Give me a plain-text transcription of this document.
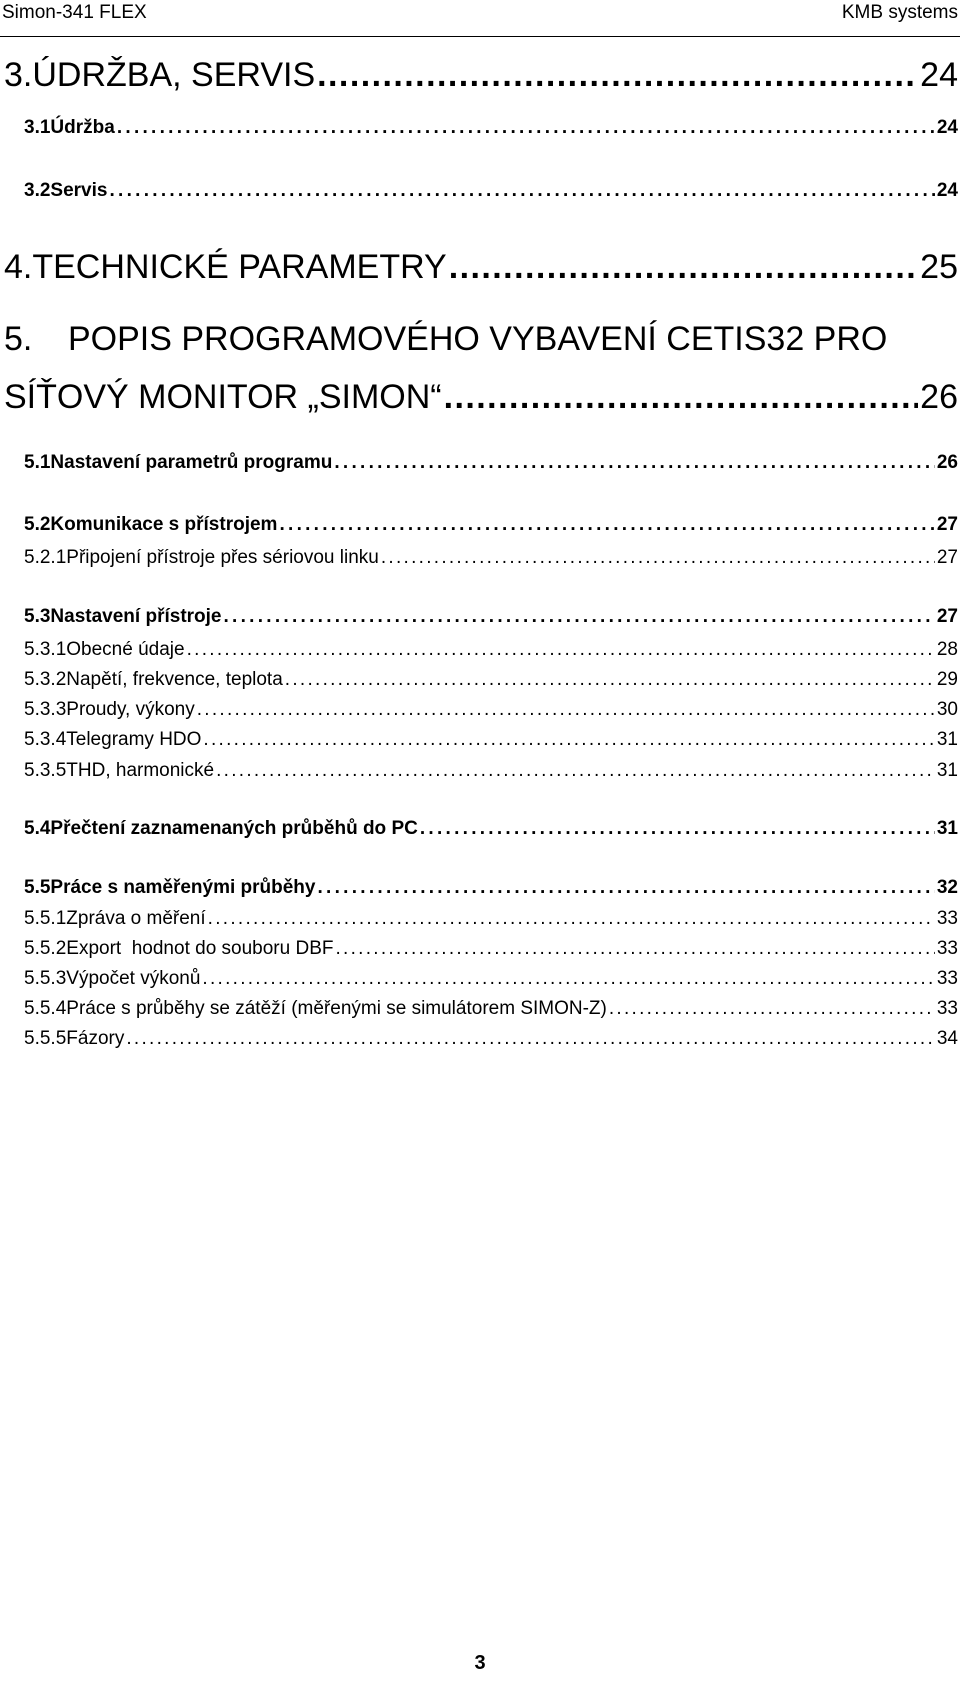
Simon-341 FLEX	KMB systems
3. ÚDRŽBA, SERVIS . . .	24
3.1 Údržba . . .	24
3.2 Servis . . .	24
4. TECHNICKÉ PARAMETRY . . .	25
5.	POPIS PROGRAMOVÉHO VYBAVENÍ CETIS32 PRO
SÍŤOVÝ MONITOR „SIMON“ . . .	26
5.1 Nastavení parametrů programu . . .	26
5.2 Komunikace s přístrojem . . .	27
5.2.1 Připojení přístroje přes sériovou linku . . .	27
5.3 Nastavení přístroje . . .	27
5.3.1 Obecné údaje . . .	28
5.3.2 Napětí, frekvence, teplota . . .	29
5.3.3 Proudy, výkony . . .	30
5.3.4 Telegramy HDO . . .	31
5.3.5 THD, harmonické . . .	31
5.4 Přečtení zaznamenaných průběhů do PC . . .	31
5.5 Práce s naměřenými průběhy . . .	32
5.5.1 Zpráva o měření . . .	33
5.5.2 Export  hodnot do souboru DBF . . .	33
5.5.3 Výpočet výkonů . . .	33
5.5.4 Práce s průběhy se zátěží (měřenými se simulátorem SIMON-Z) . . .	33
5.5.5 Fázory . . .	34
3
